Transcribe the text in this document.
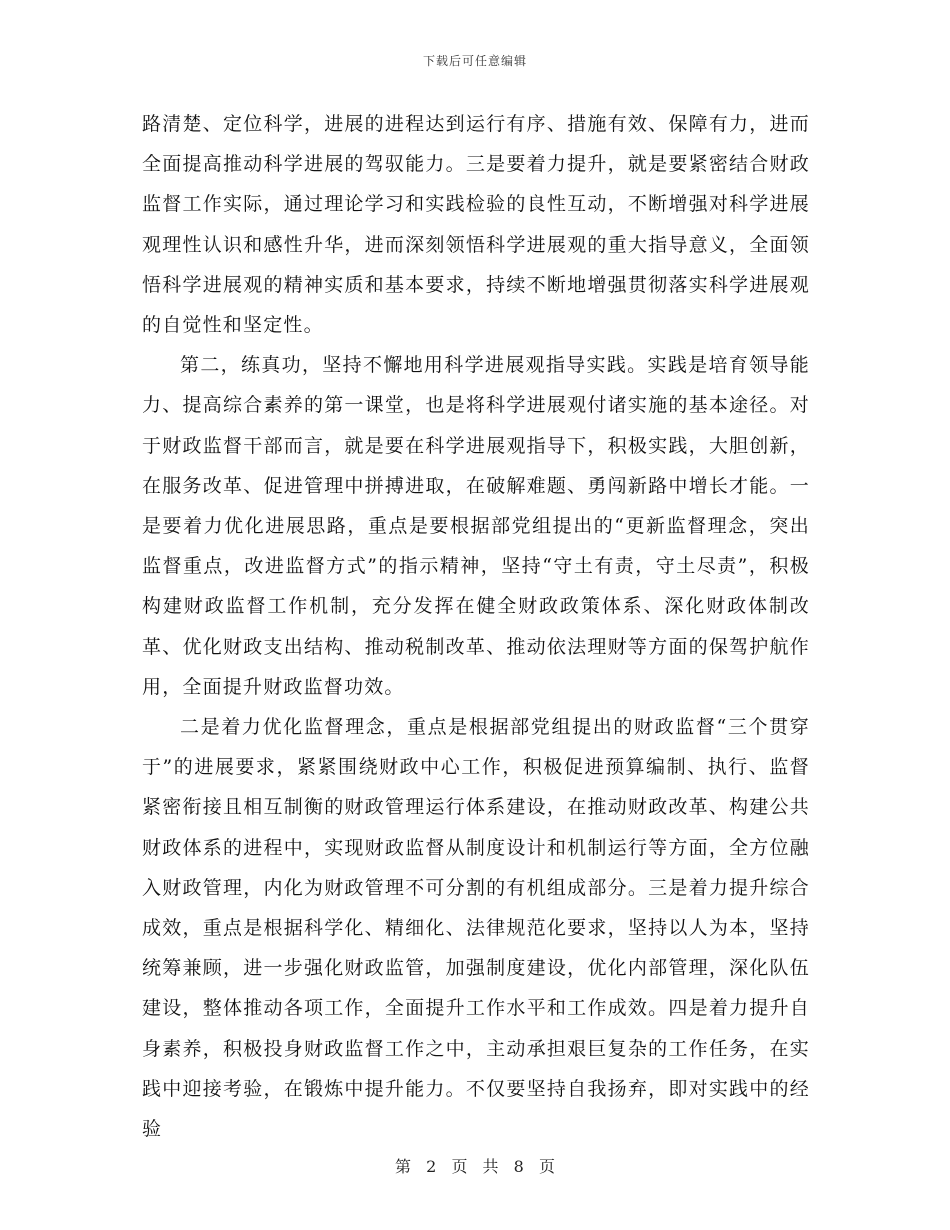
下载后可任意编辑

路清楚、定位科学，进展的进程达到运行有序、措施有效、保障有力，进而全面提高推动科学进展的驾驭能力。三是要着力提升，就是要紧密结合财政监督工作实际，通过理论学习和实践检验的良性互动，不断增强对科学进展观理性认识和感性升华，进而深刻领悟科学进展观的重大指导意义，全面领悟科学进展观的精神实质和基本要求，持续不断地增强贯彻落实科学进展观的自觉性和坚定性。

第二，练真功，坚持不懈地用科学进展观指导实践。实践是培育领导能力、提高综合素养的第一课堂，也是将科学进展观付诸实施的基本途径。对于财政监督干部而言，就是要在科学进展观指导下，积极实践，大胆创新，在服务改革、促进管理中拼搏进取，在破解难题、勇闯新路中增长才能。一是要着力优化进展思路，重点是要根据部党组提出的“更新监督理念，突出监督重点，改进监督方式”的指示精神，坚持“守土有责，守土尽责”，积极构建财政监督工作机制，充分发挥在健全财政政策体系、深化财政体制改革、优化财政支出结构、推动税制改革、推动依法理财等方面的保驾护航作用，全面提升财政监督功效。

二是着力优化监督理念，重点是根据部党组提出的财政监督“三个贯穿于”的进展要求，紧紧围绕财政中心工作，积极促进预算编制、执行、监督紧密衔接且相互制衡的财政管理运行体系建设，在推动财政改革、构建公共财政体系的进程中，实现财政监督从制度设计和机制运行等方面，全方位融入财政管理，内化为财政管理不可分割的有机组成部分。三是着力提升综合成效，重点是根据科学化、精细化、法律规范化要求，坚持以人为本，坚持统筹兼顾，进一步强化财政监管，加强制度建设，优化内部管理，深化队伍建设，整体推动各项工作，全面提升工作水平和工作成效。四是着力提升自身素养，积极投身财政监督工作之中，主动承担艰巨复杂的工作任务，在实践中迎接考验，在锻炼中提升能力。不仅要坚持自我扬弃，即对实践中的经验

第 2 页 共 8 页
